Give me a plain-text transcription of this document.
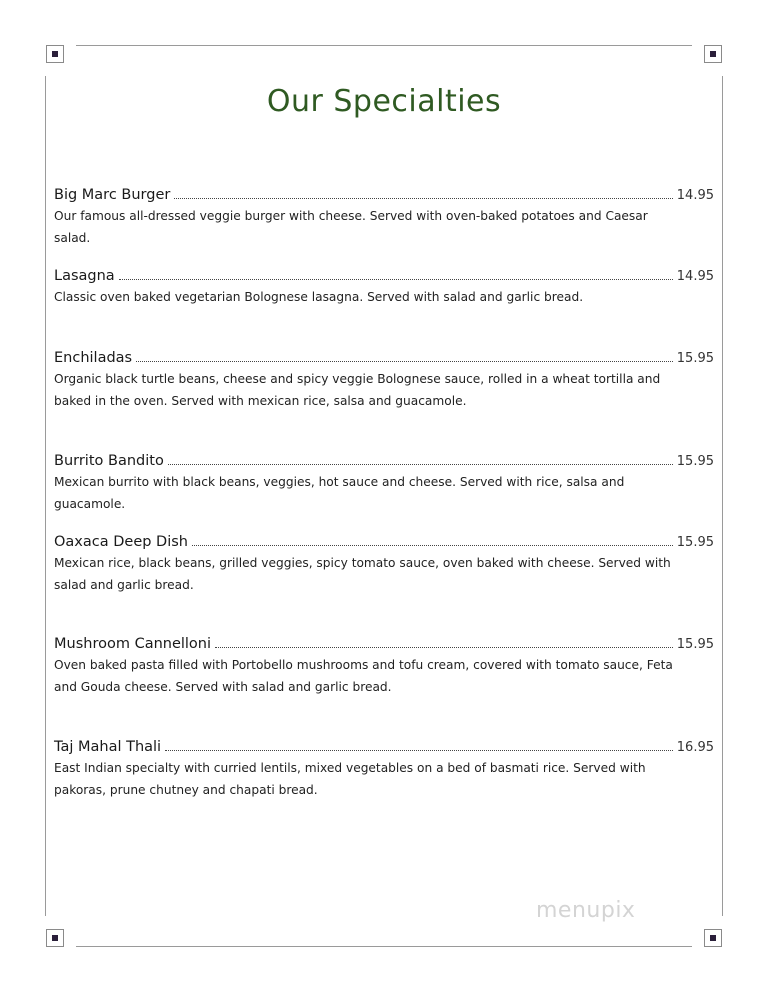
Our Specialties
Big Marc Burger	14.95
Our famous all-dressed veggie burger with cheese. Served with oven-baked potatoes and Caesar salad.
Lasagna	14.95
Classic oven baked vegetarian Bolognese lasagna. Served with salad and garlic bread.
Enchiladas	15.95
Organic black turtle beans, cheese and spicy veggie Bolognese sauce, rolled in a wheat tortilla and baked in the oven. Served with mexican rice, salsa and guacamole.
Burrito Bandito	15.95
Mexican burrito with black beans, veggies, hot sauce and cheese. Served with rice, salsa and guacamole.
Oaxaca Deep Dish	15.95
Mexican rice, black beans, grilled veggies, spicy tomato sauce, oven baked with cheese. Served with salad and garlic bread.
Mushroom Cannelloni	15.95
Oven baked pasta filled with Portobello mushrooms and tofu cream, covered with tomato sauce, Feta and Gouda cheese. Served with salad and garlic bread.
Taj Mahal Thali	16.95
East Indian specialty with curried lentils, mixed vegetables on a bed of basmati rice. Served with pakoras, prune chutney and chapati bread.
menupix
